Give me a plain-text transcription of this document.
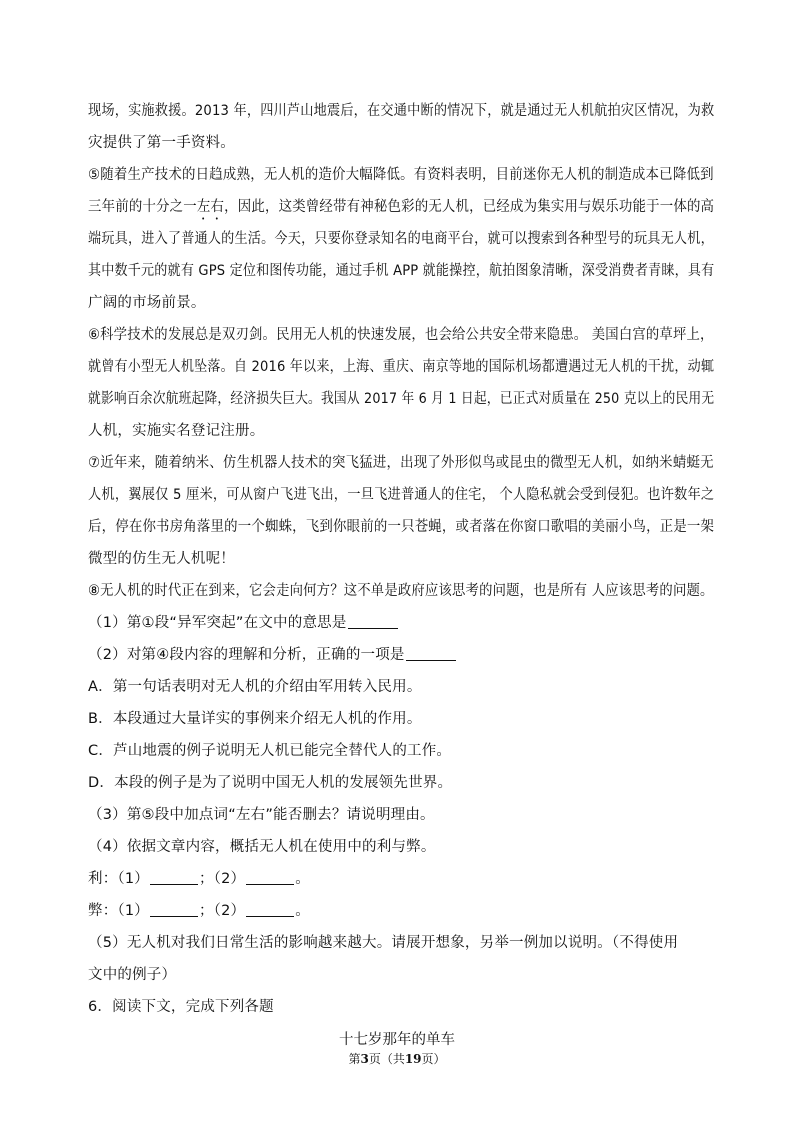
现场，实施救援。2013 年，四川芦山地震后，在交通中断的情况下，就是通过无人机航拍灾区情况，为救
灾提供了第一手资料。
⑤随着生产技术的日趋成熟，无人机的造价大幅降低。有资料表明，目前迷你无人机的制造成本已降低到
三年前的十分之一左右，因此，这类曾经带有神秘色彩的无人机，已经成为集实用与娱乐功能于一体的高
端玩具，进入了普通人的生活。今天，只要你登录知名的电商平台，就可以搜索到各种型号的玩具无人机，
其中数千元的就有 GPS 定位和图传功能，通过手机 APP 就能操控，航拍图象清晰，深受消费者青睐，具有
广阔的市场前景。
⑥科学技术的发展总是双刃剑。民用无人机的快速发展，也会给公共安全带来隐患。 美国白宫的草坪上，
就曾有小型无人机坠落。自 2016 年以来，上海、重庆、南京等地的国际机场都遭遇过无人机的干扰，动辄
就影响百余次航班起降，经济损失巨大。我国从 2017 年 6 月 1 日起，已正式对质量在 250 克以上的民用无
人机，实施实名登记注册。
⑦近年来，随着纳米、仿生机器人技术的突飞猛进，出现了外形似鸟或昆虫的微型无人机，如纳米蜻蜓无
人机，翼展仅 5 厘米，可从窗户飞进飞出，一旦飞进普通人的住宅， 个人隐私就会受到侵犯。也许数年之
后，停在你书房角落里的一个蜘蛛，飞到你眼前的一只苍蝇，或者落在你窗口歌唱的美丽小鸟，正是一架
微型的仿生无人机呢！
⑧无人机的时代正在到来，它会走向何方？这不单是政府应该思考的问题，也是所有 人应该思考的问题。
（1）第①段“异军突起”在文中的意思是
（2）对第④段内容的理解和分析，正确的一项是
A．第一句话表明对无人机的介绍由军用转入民用。
B．本段通过大量详实的事例来介绍无人机的作用。
C．芦山地震的例子说明无人机已能完全替代人的工作。
D．本段的例子是为了说明中国无人机的发展领先世界。
（3）第⑤段中加点词“左右”能否删去？请说明理由。
（4）依据文章内容，概括无人机在使用中的利与弊。
利：（1）	；（2）	。
弊：（1）	；（2）	。
（5）无人机对我们日常生活的影响越来越大。请展开想象，另举一例加以说明。（不得使用
文中的例子）
6．阅读下文，完成下列各题
十七岁那年的单车
第3页（共19页）
